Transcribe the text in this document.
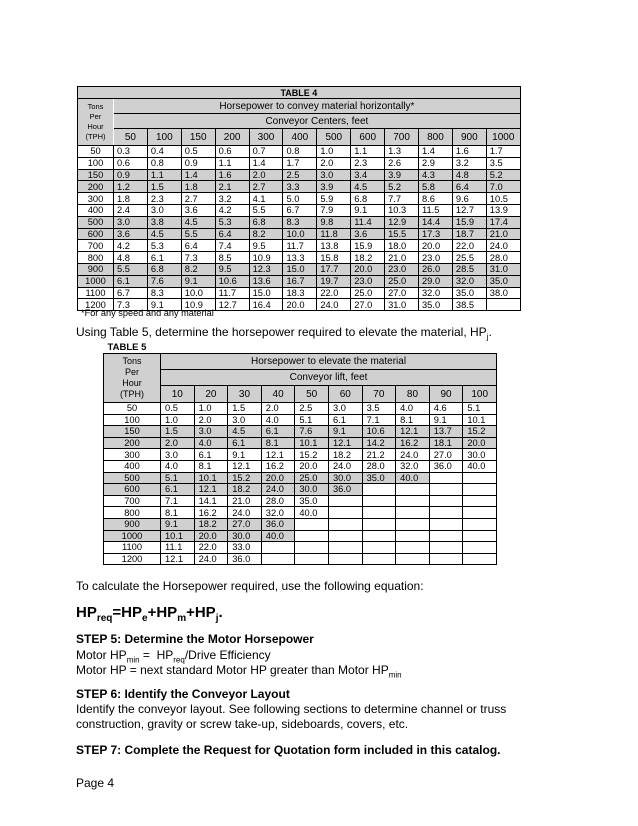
TABLE 4												

Tons
Per
Hour
(TPH)	Horsepower to convey material horizontally*											
	Conveyor Centers, feet											
	50	100	150	200	300	400	500	600	700	800	900	1000
50	0.3	0.4	0.5	0.6	0.7	0.8	1.0	1.1	1.3	1.4	1.6	1.7
100	0.6	0.8	0.9	1.1	1.4	1.7	2.0	2.3	2.6	2.9	3.2	3.5
150	0.9	1.1	1.4	1.6	2.0	2.5	3.0	3.4	3.9	4.3	4.8	5.2
200	1.2	1.5	1.8	2.1	2.7	3.3	3.9	4.5	5.2	5.8	6.4	7.0
300	1.8	2.3	2.7	3.2	4.1	5.0	5.9	6.8	7.7	8.6	9.6	10.5
400	2.4	3.0	3.6	4.2	5.5	6.7	7.9	9.1	10.3	11.5	12.7	13.9
500	3.0	3.8	4.5	5.3	6.8	8.3	9.8	11.4	12.9	14.4	15.9	17.4
600	3.6	4.5	5.5	6.4	8.2	10.0	11.8	3.6	15.5	17.3	18.7	21.0
700	4.2	5.3	6.4	7.4	9.5	11.7	13.8	15.9	18.0	20.0	22.0	24.0
800	4.8	6.1	7.3	8.5	10.9	13.3	15.8	18.2	21.0	23.0	25.5	28.0
900	5.5	6.8	8.2	9.5	12.3	15.0	17.7	20.0	23.0	26.0	28.5	31.0
1000	6.1	7.6	9.1	10.6	13.6	16.7	19.7	23.0	25.0	29.0	32.0	35.0
1100	6.7	8.3	10.0	11.7	15.0	18.3	22.0	25.0	27.0	32.0	35.0	38.0
1200	7.3	9.1	10.9	12.7	16.4	20.0	24.0	27.0	31.0	35.0	38.5	
*For any speed and any material
Using Table 5, determine the horsepower required to elevate the material, $HP_j$.
TABLE 5										

Tons
Per
Hour
(TPH)	Horsepower to elevate the material									
	Conveyor lift, feet									
	10	20	30	40	50	60	70	80	90	100
50	0.5	1.0	1.5	2.0	2.5	3.0	3.5	4.0	4.6	5.1
100	1.0	2.0	3.0	4.0	5.1	6.1	7.1	8.1	9.1	10.1
150	1.5	3.0	4.5	6.1	7.6	9.1	10.6	12.1	13.7	15.2
200	2.0	4.0	6.1	8.1	10.1	12.1	14.2	16.2	18.1	20.0
300	3.0	6.1	9.1	12.1	15.2	18.2	21.2	24.0	27.0	30.0
400	4.0	8.1	12.1	16.2	20.0	24.0	28.0	32.0	36.0	40.0
500	5.1	10.1	15.2	20.0	25.0	30.0	35.0	40.0		
600	6.1	12.1	18.2	24.0	30.0	36.0				
700	7.1	14.1	21.0	28.0	35.0					
800	8.1	16.2	24.0	32.0	40.0					
900	9.1	18.2	27.0	36.0						
1000	10.1	20.0	30.0	40.0						
1100	11.1	22.0	33.0							
1200	12.1	24.0	36.0							
To calculate the Horsepower required, use the following equation:
$HP_{req}=HP_e+HP_m+HP_j$.
STEP 5: Determine the Motor Horsepower
Motor $HP_{min}$ =  $HP_{req}$/Drive Efficiency
Motor HP = next standard Motor HP greater than Motor $HP_{min}$
STEP 6: Identify the Conveyor Layout
Identify the conveyor layout. See following sections to determine channel or truss
construction, gravity or screw take-up, sideboards, covers, etc.
STEP 7: Complete the Request for Quotation form included in this catalog.
Page 4
